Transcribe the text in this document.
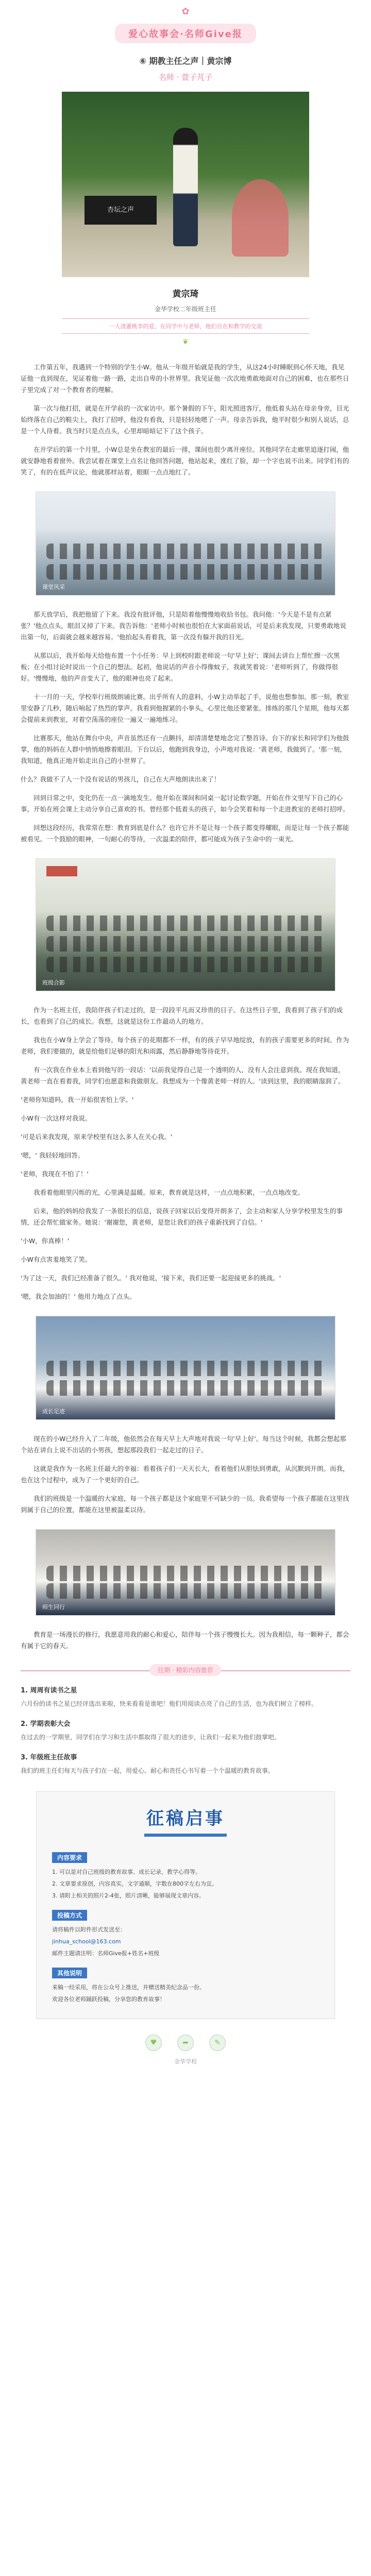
✿
爱心故事会·名师Give报
⑥ 期教主任之声｜黄宗博
名师 · 萱子芃子
杏坛之声
黄宗琦
金华学校二年级班主任
一人浇灌桃李的爱，在同学中与老师，他们自在和教学的交流
❦

工作第五年，我遇到一个特别的学生小W。他从一年级开始就是我的学生，从这24小时睡眠到心怀天地，我见证他一直到现在，见证着他一路一路，走出自卑的小世界里。我见证他一次次地勇敢地面对自己的困难，也在那些日子里完成了对一个教育者的理解。

第一次与他打招，就是在开学前的一次家访中。那个暑假的下午，阳光照进客厅，他低着头站在母亲身旁，目光始终落在自己的鞋尖上，我打了招呼，他没有看我，只是轻轻地嗯了一声。母亲告诉我，他平时很少和别人说话，总是一个人待着。我当时只是点点头，心里却暗暗记下了这个孩子。

在开学后的第一个月里，小W总是坐在教室的最后一排，课间也很少离开座位。其他同学在走廊里追逐打闹，他就安静地看着窗外。我尝试着在课堂上点名让他回答问题，他站起来，涨红了脸，却一个字也说不出来。同学们有的笑了，有的在低声议论，他就那样站着，眼眶一点点地红了。

课堂风采

那天放学后，我把他留了下来。我没有批评他，只是陪着他慢慢地收拾书包。我问他：'今天是不是有点紧张？'他点点头，眼泪又掉了下来。我告诉他：'老师小时候也很怕在大家面前说话，可是后来我发现，只要勇敢地说出第一句，后面就会越来越容易。'他抬起头看着我，第一次没有躲开我的目光。

从那以后，我开始每天给他布置一个小任务：早上到校时跟老师说一句'早上好'；课间去讲台上帮忙擦一次黑板；在小组讨论时说出一个自己的想法。起初，他说话的声音小得像蚊子，我就笑着说：'老师听到了，你做得很好。'慢慢地，他的声音变大了，他的眼神也亮了起来。

十一月的一天，学校举行班级朗诵比赛。出乎所有人的意料，小W主动举起了手，说他也想参加。那一刻，教室里安静了几秒，随后响起了热烈的掌声。我看到他握紧的小拳头，心里比他还要紧张。排练的那几个星期，他每天都会提前来到教室，对着空荡荡的座位一遍又一遍地练习。

比赛那天，他站在舞台中央，声音虽然还有一点颤抖，却清清楚楚地念完了整首诗。台下的家长和同学们为他鼓掌，他的妈妈在人群中悄悄地擦着眼泪。下台以后，他跑到我身边，小声地对我说：'黄老师，我做到了。'那一刻，我知道，他真正地开始走出自己的小世界了。

什么？我做不了人一个没有说话的男孩儿，自己在大声地朗读出来了！

回到日常之中，变化仍在一点一滴地发生。他开始在课间和同桌一起讨论数学题，开始在作文里写下自己的心事，开始在班会课上主动分享自己喜欢的书。曾经那个低着头的孩子，如今会笑着和每一个走进教室的老师打招呼。

回想这段经历，我常常在想：教育到底是什么？也许它并不是让每一个孩子都变得耀眼，而是让每一个孩子都能被看见。一个鼓励的眼神，一句耐心的等待，一次温柔的陪伴，都可能成为孩子生命中的一束光。

班级合影

作为一名班主任，我陪伴孩子们走过的，是一段段平凡而又珍贵的日子。在这些日子里，我看到了孩子们的成长，也看到了自己的成长。我想，这就是这份工作最动人的地方。

我也在小W身上学会了等待。每个孩子的花期都不一样，有的孩子早早地绽放，有的孩子需要更多的时间。作为老师，我们要做的，就是给他们足够的阳光和雨露，然后静静地等待花开。

有一次我在作业本上看到他写的一段话：'以前我觉得自己是一个透明的人，没有人会注意到我。现在我知道，黄老师一直在看着我，同学们也愿意和我做朋友。我想成为一个像黄老师一样的人。'读到这里，我的眼睛湿润了。

'老师你知道吗，我一开始很害怕上学。'

小W有一次这样对我说。

'可是后来我发现，原来学校里有这么多人在关心我。'

'嗯，' 我轻轻地回答。

'老师，我现在不怕了！'

我看着他眼里闪烁的光，心里满是温暖。原来，教育就是这样，一点点地积累，一点点地改变。

后来，他的妈妈给我发了一条很长的信息，说孩子回家以后变得开朗多了，会主动和家人分享学校里发生的事情，还会帮忙做家务。她说：'谢谢您，黄老师，是您让我们的孩子重新找到了自信。'

'小W，你真棒！'

小W有点害羞地笑了笑。

'为了这一天，我们已经准备了很久。' 我对他说，'接下来，我们还要一起迎接更多的挑战。'

'嗯，我会加油的！' 他用力地点了点头。

成长足迹

现在的小W已经升入了二年级，他依然会在每天早上大声地对我说一句'早上好'。每当这个时候，我都会想起那个站在讲台上说不出话的小男孩，想起那段我们一起走过的日子。

这就是我作为一名班主任最大的幸福：看着孩子们一天天长大，看着他们从胆怯到勇敢，从沉默到开朗。而我，也在这个过程中，成为了一个更好的自己。

我们的班级是一个温暖的大家庭，每一个孩子都是这个家庭里不可缺少的一员。我希望每一个孩子都能在这里找到属于自己的位置，都能在这里被温柔以待。

师生同行

教育是一场漫长的修行，我愿意用我的耐心和爱心，陪伴每一个孩子慢慢长大。因为我相信，每一颗种子，都会有属于它的春天。

往期 · 精彩内容推荐
1. 周周有读书之星
六月份的读书之星已经评选出来啦，快来看看是谁吧！他们用阅读点亮了自己的生活，也为我们树立了榜样。
2. 学期表彰大会
在过去的一学期里，同学们在学习和生活中都取得了很大的进步，让我们一起来为他们鼓掌吧。
3. 年级班主任故事
我们的班主任们每天与孩子们在一起，用爱心、耐心和责任心书写着一个个温暖的教育故事。
征稿启事
内容要求

1. 可以是对自己班级的教育故事、成长记录、教学心得等。

2. 文章要求原创，内容真实，文字通顺，字数在800字左右为宜。

3. 请附上相关的照片2-4张，照片清晰，能够展现文章内容。

投稿方式

请将稿件以附件形式发送至：

jinhua_school@163.com

邮件主题请注明：名师Give报+姓名+班级

其他说明

来稿一经采用，将在公众号上推送，并赠送精美纪念品一份。

欢迎各位老师踊跃投稿，分享您的教育故事！

♥	➦	✎
金华学校
